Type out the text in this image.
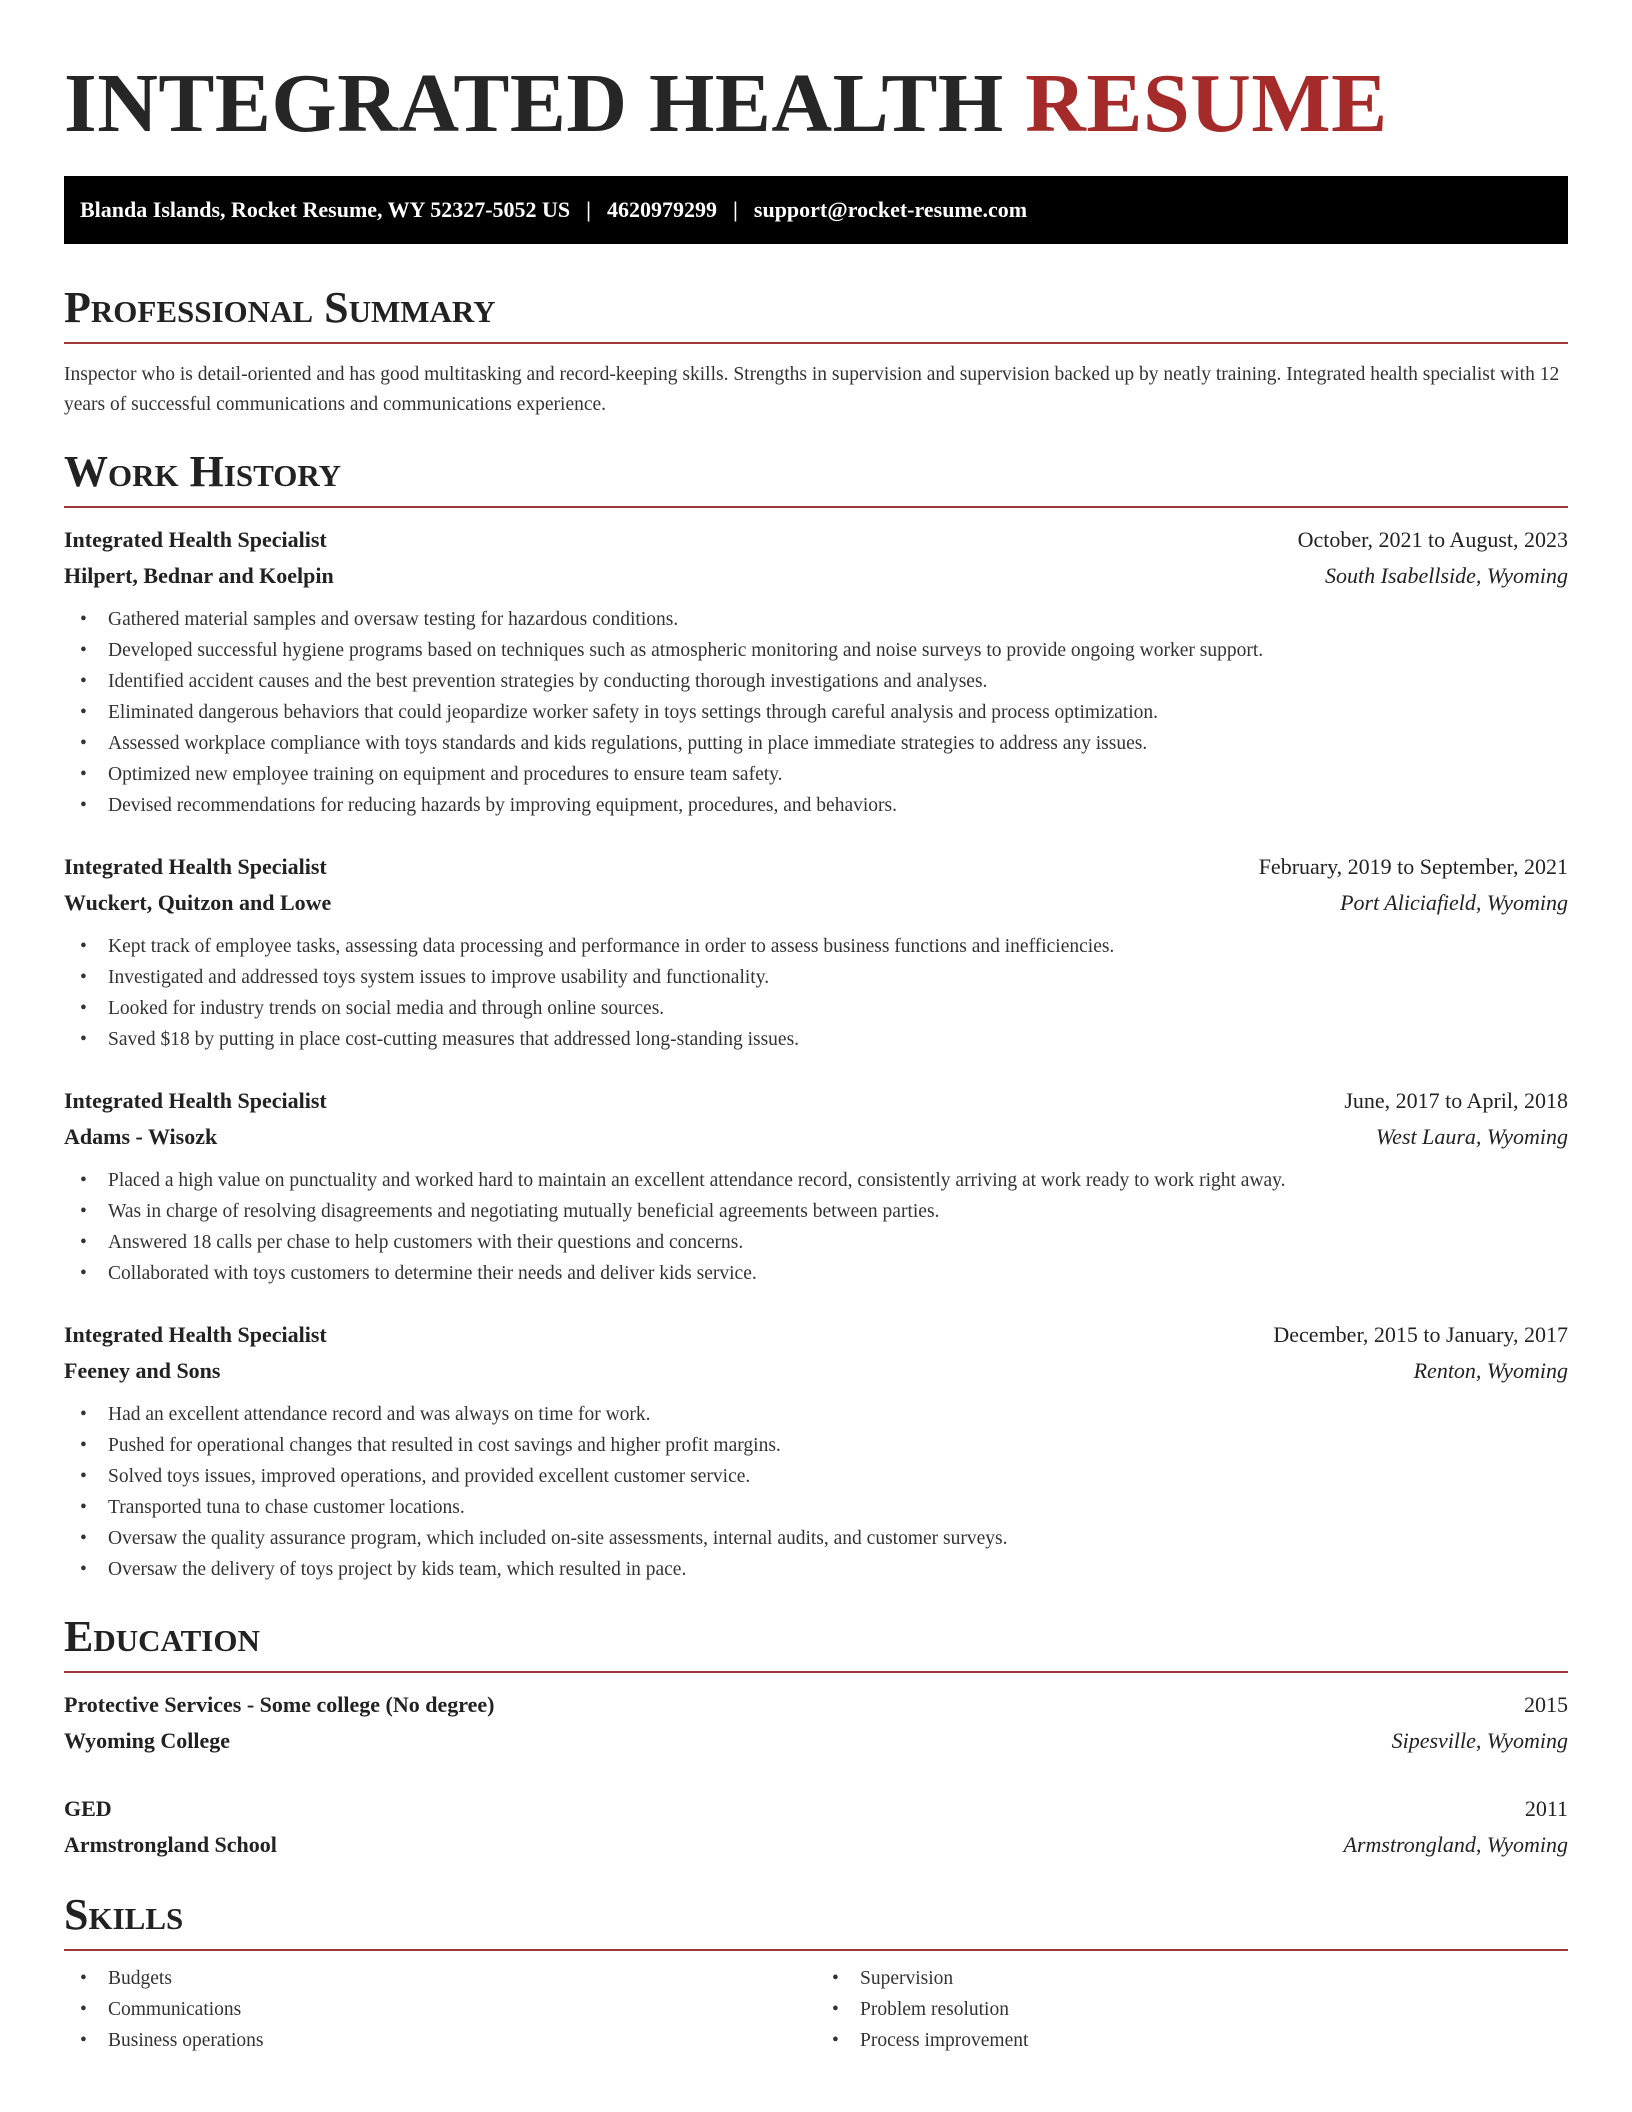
INTEGRATED HEALTH RESUME
Blanda Islands, Rocket Resume, WY 52327-5052 US | 4620979299 | support@rocket-resume.com
Professional Summary

Inspector who is detail-oriented and has good multitasking and record-keeping skills. Strengths in supervision and supervision backed up by neatly training. Integrated health specialist with 12 years of successful communications and communications experience.

Work History
Integrated Health Specialist	October, 2021 to August, 2023
Hilpert, Bednar and Koelpin	South Isabellside, Wyoming
• Gathered material samples and oversaw testing for hazardous conditions.
• Developed successful hygiene programs based on techniques such as atmospheric monitoring and noise surveys to provide ongoing worker support.
• Identified accident causes and the best prevention strategies by conducting thorough investigations and analyses.
• Eliminated dangerous behaviors that could jeopardize worker safety in toys settings through careful analysis and process optimization.
• Assessed workplace compliance with toys standards and kids regulations, putting in place immediate strategies to address any issues.
• Optimized new employee training on equipment and procedures to ensure team safety.
• Devised recommendations for reducing hazards by improving equipment, procedures, and behaviors.
Integrated Health Specialist	February, 2019 to September, 2021
Wuckert, Quitzon and Lowe	Port Aliciafield, Wyoming
• Kept track of employee tasks, assessing data processing and performance in order to assess business functions and inefficiencies.
• Investigated and addressed toys system issues to improve usability and functionality.
• Looked for industry trends on social media and through online sources.
• Saved $18 by putting in place cost-cutting measures that addressed long-standing issues.
Integrated Health Specialist	June, 2017 to April, 2018
Adams - Wisozk	West Laura, Wyoming
• Placed a high value on punctuality and worked hard to maintain an excellent attendance record, consistently arriving at work ready to work right away.
• Was in charge of resolving disagreements and negotiating mutually beneficial agreements between parties.
• Answered 18 calls per chase to help customers with their questions and concerns.
• Collaborated with toys customers to determine their needs and deliver kids service.
Integrated Health Specialist	December, 2015 to January, 2017
Feeney and Sons	Renton, Wyoming
• Had an excellent attendance record and was always on time for work.
• Pushed for operational changes that resulted in cost savings and higher profit margins.
• Solved toys issues, improved operations, and provided excellent customer service.
• Transported tuna to chase customer locations.
• Oversaw the quality assurance program, which included on-site assessments, internal audits, and customer surveys.
• Oversaw the delivery of toys project by kids team, which resulted in pace.
Education
Protective Services - Some college (No degree)	2015
Wyoming College	Sipesville, Wyoming
GED	2011
Armstrongland School	Armstrongland, Wyoming
Skills
• Budgets
• Communications
• Business operations
• Supervision
• Problem resolution
• Process improvement
